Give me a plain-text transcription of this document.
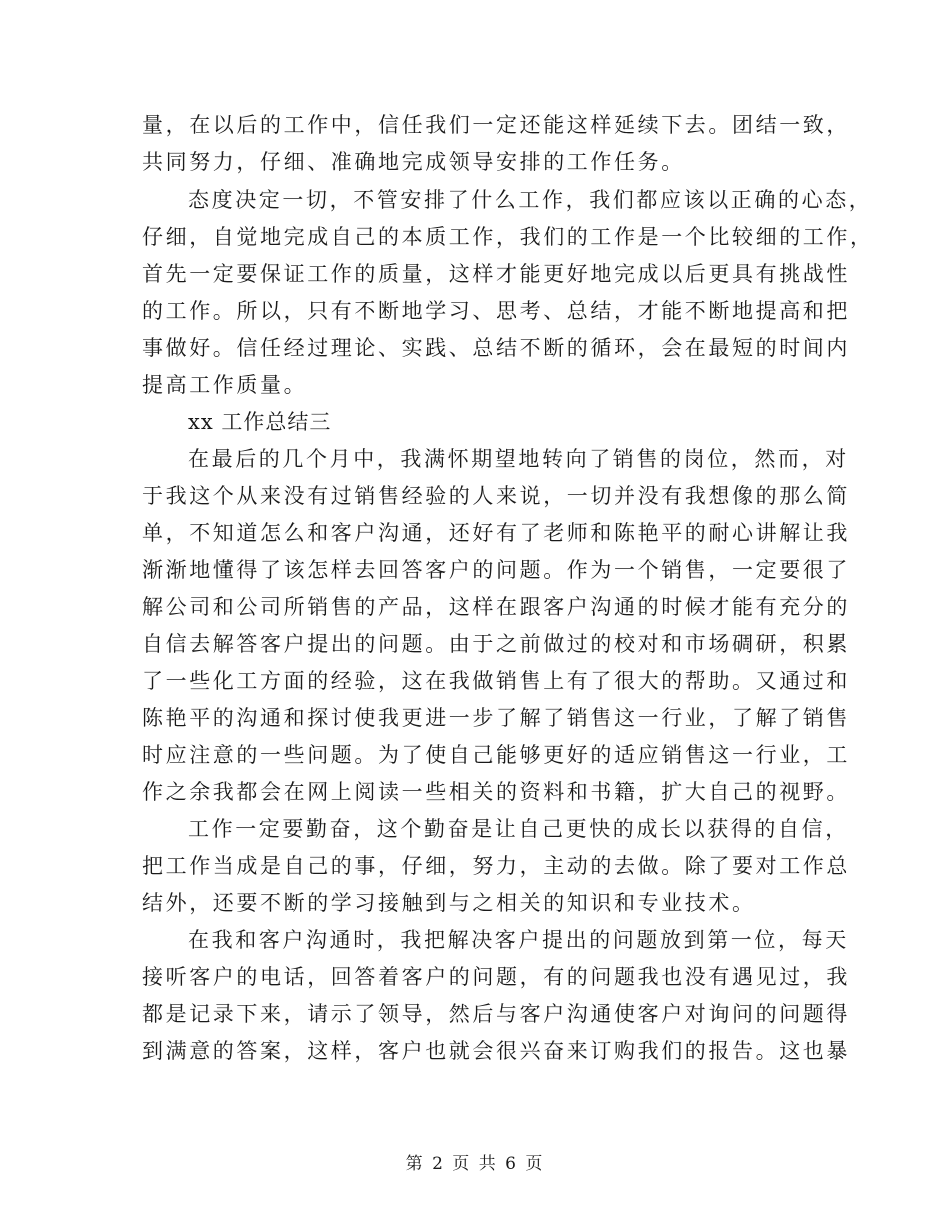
量，在以后的工作中，信任我们一定还能这样延续下去。团结一致，
共同努力，仔细、准确地完成领导安排的工作任务。
态度决定一切，不管安排了什么工作，我们都应该以正确的心态，
仔细，自觉地完成自己的本质工作，我们的工作是一个比较细的工作，
首先一定要保证工作的质量，这样才能更好地完成以后更具有挑战性
的工作。所以，只有不断地学习、思考、总结，才能不断地提高和把
事做好。信任经过理论、实践、总结不断的循环，会在最短的时间内
提高工作质量。
xx 工作总结三
在最后的几个月中，我满怀期望地转向了销售的岗位，然而，对
于我这个从来没有过销售经验的人来说，一切并没有我想像的那么简
单，不知道怎么和客户沟通，还好有了老师和陈艳平的耐心讲解让我
渐渐地懂得了该怎样去回答客户的问题。作为一个销售，一定要很了
解公司和公司所销售的产品，这样在跟客户沟通的时候才能有充分的
自信去解答客户提出的问题。由于之前做过的校对和市场碉研，积累
了一些化工方面的经验，这在我做销售上有了很大的帮助。又通过和
陈艳平的沟通和探讨使我更进一步了解了销售这一行业，了解了销售
时应注意的一些问题。为了使自己能够更好的适应销售这一行业，工
作之余我都会在网上阅读一些相关的资料和书籍，扩大自己的视野。
工作一定要勤奋，这个勤奋是让自己更快的成长以获得的自信，
把工作当成是自己的事，仔细，努力，主动的去做。除了要对工作总
结外，还要不断的学习接触到与之相关的知识和专业技术。
在我和客户沟通时，我把解决客户提出的问题放到第一位，每天
接听客户的电话，回答着客户的问题，有的问题我也没有遇见过，我
都是记录下来，请示了领导，然后与客户沟通使客户对询问的问题得
到满意的答案，这样，客户也就会很兴奋来订购我们的报告。这也暴
第 2 页 共 6 页
